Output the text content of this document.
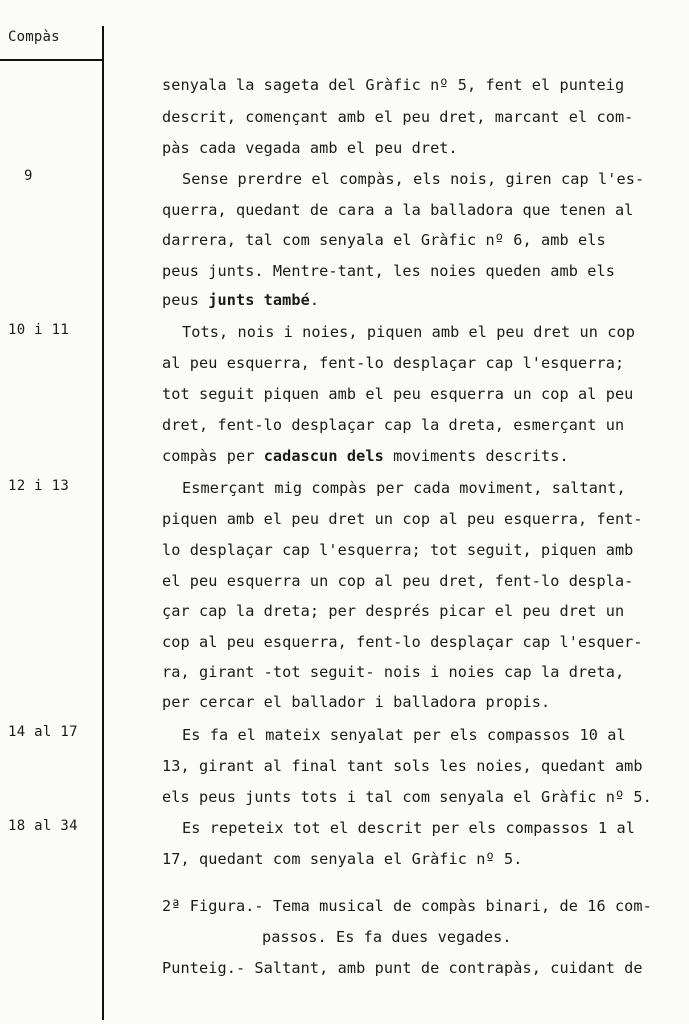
Compàs
9
10 i 11
12 i 13
14 al 17
18 al 34
senyala la sageta del Gràfic nº 5, fent el punteig
descrit, començant amb el peu dret, marcant el com-
pàs cada vegada amb el peu dret.
Sense prerdre el compàs, els nois, giren cap l'es-
querra, quedant de cara a la balladora que tenen al
darrera, tal com senyala el Gràfic nº 6, amb els
peus junts. Mentre-tant, les noies queden amb els
peus junts també.
Tots, nois i noies, piquen amb el peu dret un cop
al peu esquerra, fent-lo desplaçar cap l'esquerra;
tot seguit piquen amb el peu esquerra un cop al peu
dret, fent-lo desplaçar cap la dreta, esmerçant un
compàs per cadascun dels moviments descrits.
Esmerçant mig compàs per cada moviment, saltant,
piquen amb el peu dret un cop al peu esquerra, fent-
lo desplaçar cap l'esquerra; tot seguit, piquen amb
el peu esquerra un cop al peu dret, fent-lo despla-
çar cap la dreta; per després picar el peu dret un
cop al peu esquerra, fent-lo desplaçar cap l'esquer-
ra, girant -tot seguit- nois i noies cap la dreta,
per cercar el ballador i balladora propis.
Es fa el mateix senyalat per els compassos 10 al
13, girant al final tant sols les noies, quedant amb
els peus junts tots i tal com senyala el Gràfic nº 5.
Es repeteix tot el descrit per els compassos 1 al
17, quedant com senyala el Gràfic nº 5.
2ª Figura.- Tema musical de compàs binari, de 16 com-
passos. Es fa dues vegades.
Punteig.- Saltant, amb punt de contrapàs, cuidant de
